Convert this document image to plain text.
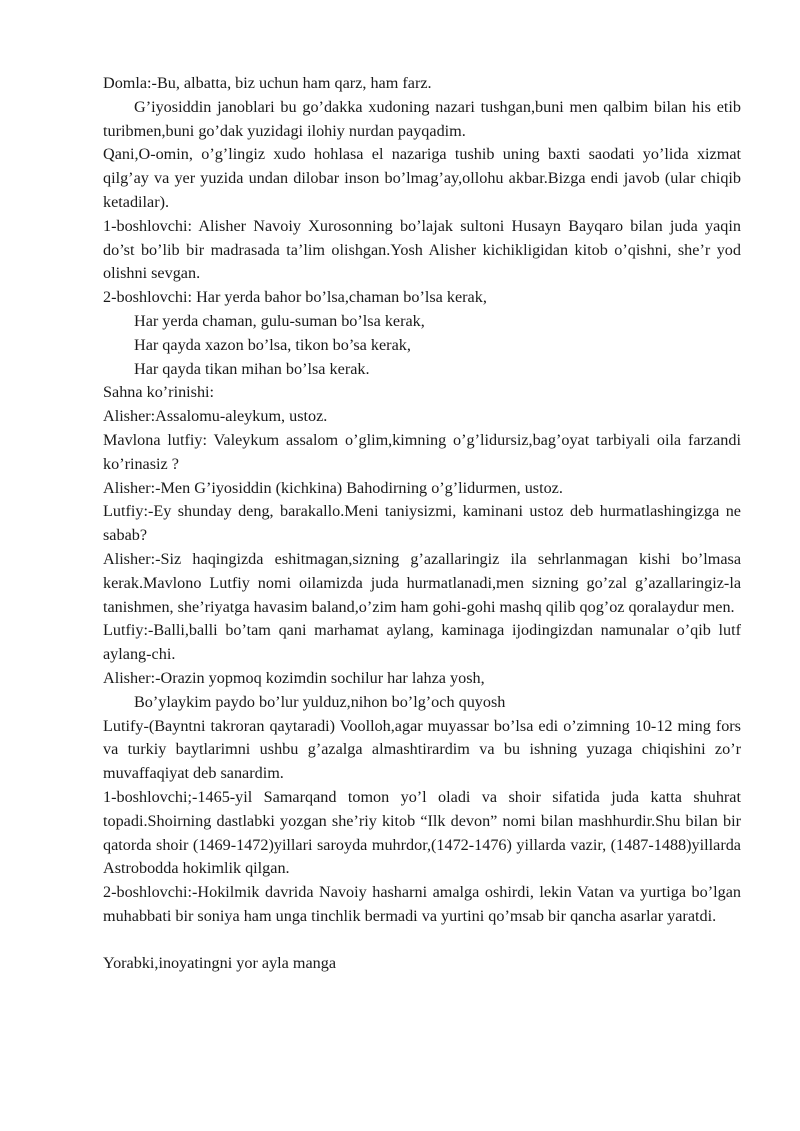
Domla:-Bu, albatta, biz uchun ham qarz, ham farz.

G’iyosiddin janoblari bu go’dakka xudoning nazari tushgan,buni men qalbim bilan his etib turibmen,buni go’dak yuzidagi ilohiy nurdan payqadim.

Qani,O-omin, o’g’lingiz xudo hohlasa el nazariga tushib uning baxti saodati yo’lida xizmat qilg’ay va yer yuzida undan dilobar inson bo’lmag’ay,ollohu akbar.Bizga endi javob (ular chiqib ketadilar).

1-boshlovchi: Alisher Navoiy Xurosonning bo’lajak sultoni Husayn Bayqaro bilan juda yaqin do’st bo’lib bir madrasada ta’lim olishgan.Yosh Alisher kichikligidan kitob o’qishni, she’r yod olishni sevgan.

2-boshlovchi: Har yerda bahor bo’lsa,chaman bo’lsa kerak,

Har yerda chaman, gulu-suman bo’lsa kerak,

Har qayda xazon bo’lsa, tikon bo’sa kerak,

Har qayda tikan mihan bo’lsa kerak.

Sahna ko’rinishi:

Alisher:Assalomu-aleykum, ustoz.

Mavlona lutfiy: Valeykum assalom o’glim,kimning o’g’lidursiz,bag’oyat tarbiyali oila farzandi ko’rinasiz ?

Alisher:-Men G’iyosiddin (kichkina) Bahodirning o’g’lidurmen, ustoz.

Lutfiy:-Ey shunday deng, barakallo.Meni taniysizmi, kaminani ustoz deb hurmatlashingizga ne sabab?

Alisher:-Siz haqingizda eshitmagan,sizning g’azallaringiz ila sehrlanmagan kishi bo’lmasa kerak.Mavlono Lutfiy nomi oilamizda juda hurmatlanadi,men sizning go’zal g’azallaringiz-la tanishmen, she’riyatga havasim baland,o’zim ham gohi-gohi mashq qilib qog’oz qoralaydur men.

Lutfiy:-Balli,balli bo’tam qani marhamat aylang, kaminaga ijodingizdan namunalar o’qib lutf aylang-chi.

Alisher:-Orazin yopmoq kozimdin sochilur har lahza yosh,

Bo’ylaykim paydo bo’lur yulduz,nihon bo’lg’och quyosh

Lutify-(Bayntni takroran qaytaradi) Voolloh,agar muyassar bo’lsa edi o’zimning 10-12 ming fors va turkiy baytlarimni ushbu g’azalga almashtirardim va bu ishning yuzaga chiqishini zo’r muvaffaqiyat deb sanardim.

1-boshlovchi;-1465-yil Samarqand tomon yo’l oladi va shoir sifatida juda katta shuhrat topadi.Shoirning dastlabki yozgan she’riy kitob “Ilk devon” nomi bilan mashhurdir.Shu bilan bir qatorda shoir (1469-1472)yillari saroyda muhrdor,(1472-1476) yillarda vazir, (1487-1488)yillarda Astrobodda hokimlik qilgan.

2-boshlovchi:-Hokilmik davrida Navoiy hasharni amalga oshirdi, lekin Vatan va yurtiga bo’lgan muhabbati bir soniya ham unga tinchlik bermadi va yurtini qo’msab bir qancha asarlar yaratdi.

Yorabki,inoyatingni yor ayla manga
